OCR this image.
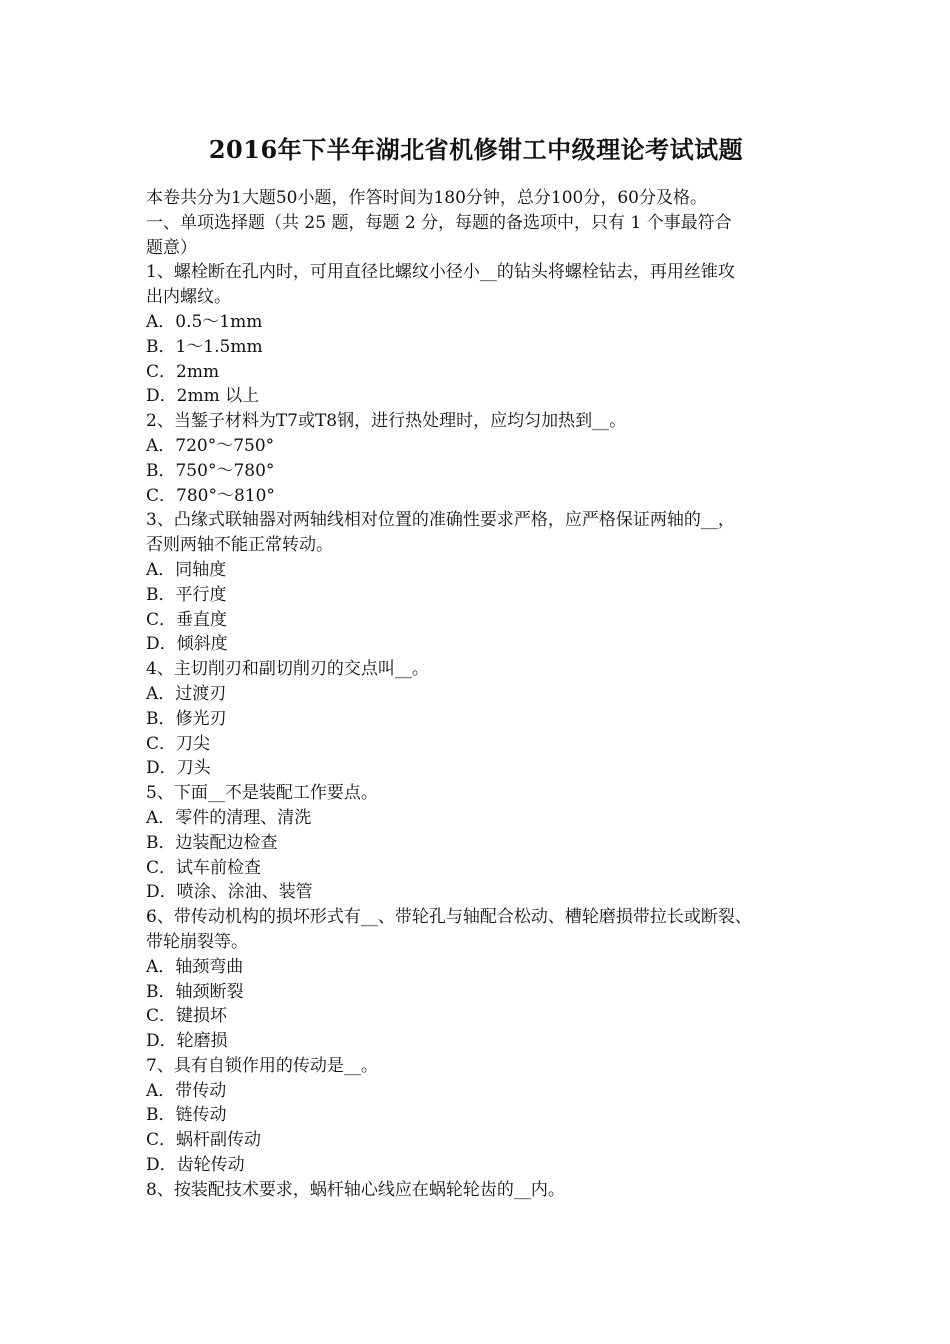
2016年下半年湖北省机修钳工中级理论考试试题
本卷共分为1大题50小题，作答时间为180分钟，总分100分，60分及格。
一、单项选择题（共 25 题，每题 2 分，每题的备选项中，只有 1 个事最符合
题意）
1、螺栓断在孔内时，可用直径比螺纹小径小__的钻头将螺栓钻去，再用丝锥攻
出内螺纹。
A．0.5～1mm
B．1～1.5mm
C．2mm
D．2mm 以上
2、当錾子材料为T7或T8钢，进行热处理时，应均匀加热到__。
A．720°～750°
B．750°～780°
C．780°～810°
3、凸缘式联轴器对两轴线相对位置的准确性要求严格，应严格保证两轴的__，
否则两轴不能正常转动。
A．同轴度
B．平行度
C．垂直度
D．倾斜度
4、主切削刃和副切削刃的交点叫__。
A．过渡刃
B．修光刃
C．刀尖
D．刀头
5、下面__不是装配工作要点。
A．零件的清理、清洗
B．边装配边检查
C．试车前检查
D．喷涂、涂油、装管
6、带传动机构的损坏形式有__、带轮孔与轴配合松动、槽轮磨损带拉长或断裂、
带轮崩裂等。
A．轴颈弯曲
B．轴颈断裂
C．键损坏
D．轮磨损
7、具有自锁作用的传动是__。
A．带传动
B．链传动
C．蜗杆副传动
D．齿轮传动
8、按装配技术要求，蜗杆轴心线应在蜗轮轮齿的__内。
